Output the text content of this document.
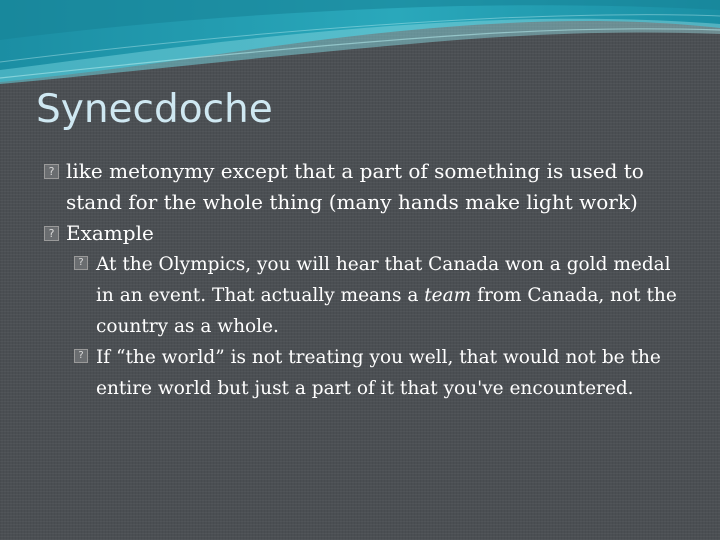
Synecdoche
? like metonymy except that a part of something is used to stand for the whole thing (many hands make light work)
? Example
? At the Olympics, you will hear that Canada won a gold medal in an event. That actually means a team from Canada, not the country as a whole.
? If “the world” is not treating you well, that would not be the entire world but just a part of it that you've encountered.
